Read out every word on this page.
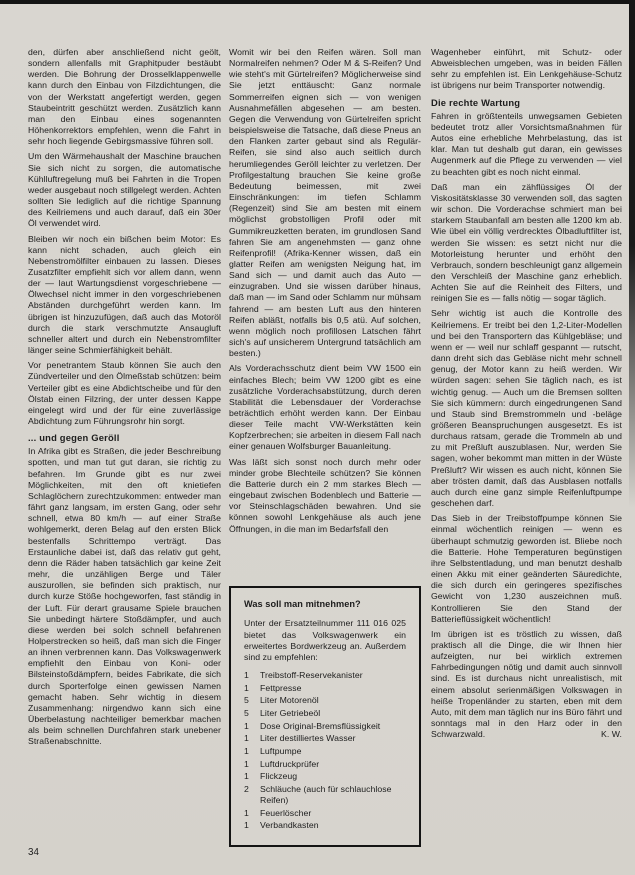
den, dürfen aber anschließend nicht geölt, sondern allenfalls mit Graphitpuder bestäubt werden. Die Bohrung der Drosselklappenwelle kann durch den Einbau von Filzdichtungen, die von der Werkstatt angefertigt werden, gegen Staubeintritt geschützt werden. Zusätzlich kann man den Einbau eines sogenannten Höhenkorrektors empfehlen, wenn die Fahrt in sehr hoch liegende Gebirgsmassive führen soll.

Um den Wärmehaushalt der Maschine brauchen Sie sich nicht zu sorgen, die automatische Kühlluftregelung muß bei Fahrten in die Tropen weder ausgebaut noch stillgelegt werden. Achten sollten Sie lediglich auf die richtige Spannung des Keilriemens und auch darauf, daß ein 30er Öl verwendet wird.

Bleiben wir noch ein bißchen beim Motor: Es kann nicht schaden, auch gleich ein Nebenstromölfilter einbauen zu lassen. Dieses Zusatzfilter empfiehlt sich vor allem dann, wenn der — laut Wartungsdienst vorgeschriebene — Ölwechsel nicht immer in den vorgeschriebenen Abständen durchgeführt werden kann. Im übrigen ist hinzuzufügen, daß auch das Motoröl durch die stark verschmutzte Ansaugluft schneller altert und durch ein Nebenstromfilter länger seine Schmierfähigkeit behält.

Vor penetrantem Staub können Sie auch den Zündverteiler und den Ölmeßstab schützen: beim Verteiler gibt es eine Abdichtscheibe und für den Ölstab einen Filzring, der unter dessen Kappe eingelegt wird und der für eine zuverlässige Abdichtung zum Führungsrohr hin sorgt.

... und gegen Geröll

In Afrika gibt es Straßen, die jeder Beschreibung spotten, und man tut gut daran, sie richtig zu befahren. Im Grunde gibt es nur zwei Möglichkeiten, mit den oft knietiefen Schlaglöchern zurechtzukommen: entweder man fährt ganz langsam, im ersten Gang, oder sehr schnell, etwa 80 km/h — auf einer Straße wohlgemerkt, deren Belag auf den ersten Blick bestenfalls Schrittempo verträgt. Das Erstaunliche dabei ist, daß das relativ gut geht, denn die Räder haben tatsächlich gar keine Zeit mehr, die unzähligen Berge und Täler auszurollen, sie befinden sich praktisch, nur durch kurze Stöße hochgeworfen, fast ständig in der Luft. Für derart grausame Spiele brauchen Sie unbedingt härtere Stoßdämpfer, und auch diese werden bei solch schnell befahrenen Holperstrecken so heiß, daß man sich die Finger an ihnen verbrennen kann. Das Volkswagenwerk empfiehlt den Einbau von Koni- oder Bilsteinstoßdämpfern, beides Fabrikate, die sich durch Sporterfolge einen gewissen Namen gemacht haben. Sehr wichtig in diesem Zusammenhang: nirgendwo kann sich eine Überbelastung nachteiliger bemerkbar machen als beim schnellen Durchfahren stark unebener Straßenabschnitte.

Womit wir bei den Reifen wären. Soll man Normalreifen nehmen? Oder M & S-Reifen? Und wie steht's mit Gürtelreifen? Möglicherweise sind Sie jetzt enttäuscht: Ganz normale Sommerreifen eignen sich — von wenigen Ausnahmefällen abgesehen — am besten. Gegen die Verwendung von Gürtelreifen spricht beispielsweise die Tatsache, daß diese Pneus an den Flanken zarter gebaut sind als Regulär-Reifen, sie sind also auch seitlich durch herumliegendes Geröll leichter zu verletzen. Der Profilgestaltung brauchen Sie keine große Bedeutung beimessen, mit zwei Einschränkungen: im tiefen Schlamm (Regenzeit) sind Sie am besten mit einem möglichst grobstolligen Profil oder mit Gummikreuzketten beraten, im grundlosen Sand fahren Sie am angenehmsten — ganz ohne Reifenprofil! (Afrika-Kenner wissen, daß ein glatter Reifen am wenigsten Neigung hat, im Sand sich — und damit auch das Auto — einzugraben. Und sie wissen darüber hinaus, daß man — im Sand oder Schlamm nur mühsam fahrend — am besten Luft aus den hinteren Reifen abläßt, notfalls bis 0,5 atü. Auf solchen, wenn möglich noch profillosen Latschen fährt sich's auf unsicherem Untergrund tatsächlich am besten.)

Als Vorderachsschutz dient beim VW 1500 ein einfaches Blech; beim VW 1200 gibt es eine zusätzliche Vorderachsabstützung, durch deren Stabilität die Lebensdauer der Vorderachse beträchtlich erhöht werden kann. Der Einbau dieser Teile macht VW-Werkstätten kein Kopfzerbrechen; sie arbeiten in diesem Fall nach einer genauen Wolfsburger Bauanleitung.

Was läßt sich sonst noch durch mehr oder minder grobe Blechteile schützen? Sie können die Batterie durch ein 2 mm starkes Blech — eingebaut zwischen Bodenblech und Batterie — vor Steinschlagschäden bewahren. Und sie können sowohl Lenkgehäuse als auch jene Öffnungen, in die man im Bedarfsfall den

Was soll man mitnehmen?

Unter der Ersatzteilnummer 111 016 025 bietet das Volkswagenwerk ein erweitertes Bordwerkzeug an. Außerdem sind zu empfehlen:

1	Treibstoff-Reservekanister
1	Fettpresse
5	Liter Motorenöl
5	Liter Getriebeöl
1	Dose Original-Bremsflüssigkeit
1	Liter destilliertes Wasser
1	Luftpumpe
1	Luftdruckprüfer
1	Flickzeug
2	Schläuche (auch für schlauchlose Reifen)
1	Feuerlöscher
1	Verbandkasten

Wagenheber einführt, mit Schutz- oder Abweisblechen umgeben, was in beiden Fällen sehr zu empfehlen ist. Ein Lenkgehäuse-Schutz ist übrigens nur beim Transporter notwendig.

Die rechte Wartung

Fahren in größtenteils unwegsamen Gebieten bedeutet trotz aller Vorsichtsmaßnahmen für Autos eine erhebliche Mehrbelastung, das ist klar. Man tut deshalb gut daran, ein gewisses Augenmerk auf die Pflege zu verwenden — viel zu beachten gibt es noch nicht einmal.

Daß man ein zähflüssiges Öl der Viskositätsklasse 30 verwenden soll, das sagten wir schon. Die Vorderachse schmiert man bei starkem Staubanfall am besten alle 1200 km ab. Wie übel ein völlig verdrecktes Ölbadluftfilter ist, werden Sie wissen: es setzt nicht nur die Motorleistung herunter und erhöht den Verbrauch, sondern beschleunigt ganz allgemein den Verschleiß der Maschine ganz erheblich. Achten Sie auf die Reinheit des Filters, und reinigen Sie es — falls nötig — sogar täglich.

Sehr wichtig ist auch die Kontrolle des Keilriemens. Er treibt bei den 1,2-Liter-Modellen und bei den Transportern das Kühlgebläse; und wenn er — weil nur schlaff gespannt — rutscht, dann dreht sich das Gebläse nicht mehr schnell genug, der Motor kann zu heiß werden. Wir würden sagen: sehen Sie täglich nach, es ist wichtig genug. — Auch um die Bremsen sollten Sie sich kümmern: durch eingedrungenen Sand und Staub sind Bremstrommeln und -beläge größeren Beanspruchungen ausgesetzt. Es ist durchaus ratsam, gerade die Trommeln ab und zu mit Preßluft auszublasen. Nur, werden Sie sagen, woher bekommt man mitten in der Wüste Preßluft? Wir wissen es auch nicht, können Sie aber trösten damit, daß das Ausblasen notfalls auch durch eine ganz simple Reifenluftpumpe geschehen darf.

Das Sieb in der Treibstoffpumpe können Sie einmal wöchentlich reinigen — wenn es überhaupt schmutzig geworden ist. Bliebe noch die Batterie. Hohe Temperaturen begünstigen ihre Selbstentladung, und man benutzt deshalb einen Akku mit einer geänderten Säuredichte, die sich durch ein geringeres spezifisches Gewicht von 1,230 auszeichnen muß. Kontrollieren Sie den Stand der Batterieflüssigkeit wöchentlich!

Im übrigen ist es tröstlich zu wissen, daß praktisch all die Dinge, die wir Ihnen hier aufzeigten, nur bei wirklich extremen Fahrbedingungen nötig und damit auch sinnvoll sind. Es ist durchaus nicht unrealistisch, mit einem absolut serienmäßigen Volkswagen in heiße Tropenländer zu starten, eben mit dem Auto, mit dem man täglich nur ins Büro fährt und sonntags mal in den Harz oder in den Schwarzwald.	K. W.

34
